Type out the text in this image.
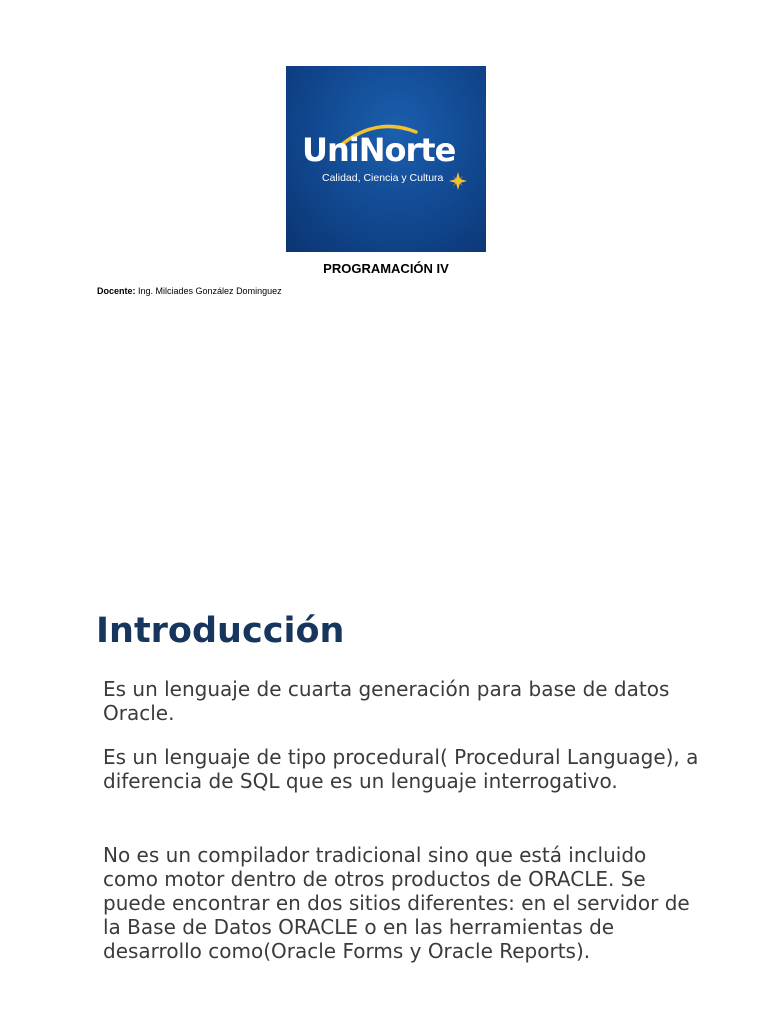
UniNorte
Calidad, Ciencia y Cultura
PROGRAMACIÓN IV
Docente: Ing. Milciades González Dominguez
Introducción

Es un lenguaje de cuarta generación para base de datos Oracle.

Es un lenguaje de tipo procedural( Procedural Language), a diferencia de SQL que es un lenguaje interrogativo.

No es un compilador tradicional sino que está incluido como motor dentro de otros productos de ORACLE. Se puede encontrar en dos sitios diferentes: en el servidor de la Base de Datos ORACLE o en las herramientas de desarrollo como(Oracle Forms y Oracle Reports).
